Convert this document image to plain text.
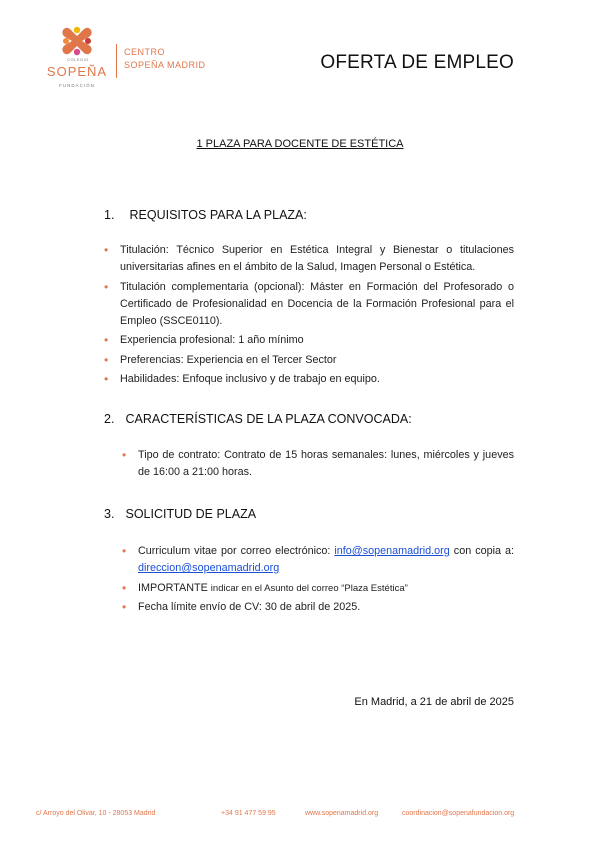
COLEGIO
SOPEÑA
FUNDACIÓN
CENTRO
SOPEÑA MADRID	OFERTA DE EMPLEO
1 PLAZA PARA DOCENTE DE ESTÉTICA
1. REQUISITOS PARA LA PLAZA:
• Titulación: Técnico Superior en Estética Integral y Bienestar o titulaciones universitarias afines en el ámbito de la Salud, Imagen Personal o Estética.
• Titulación complementaria (opcional): Máster en Formación del Profesorado o Certificado de Profesionalidad en Docencia de la Formación Profesional para el Empleo (SSCE0110).
• Experiencia profesional: 1 año mínimo
• Preferencias: Experiencia en el Tercer Sector
• Habilidades: Enfoque inclusivo y de trabajo en equipo.
2. CARACTERÍSTICAS DE LA PLAZA CONVOCADA:
• Tipo de contrato: Contrato de 15 horas semanales: lunes, miércoles y jueves de 16:00 a 21:00 horas.
3. SOLICITUD DE PLAZA
• Curriculum vitae por correo electrónico: info@sopenamadrid.org con copia a: direccion@sopenamadrid.org
• IMPORTANTE indicar en el Asunto del correo “Plaza Estética”
• Fecha límite envío de CV: 30 de abril de 2025.
En Madrid, a 21 de abril de 2025
c/ Arroyo del Olivar, 10 - 28053 Madrid	+34 91 477 59 95	www.sopenamadrid.org	coordinacion@sopenafundacion.org
